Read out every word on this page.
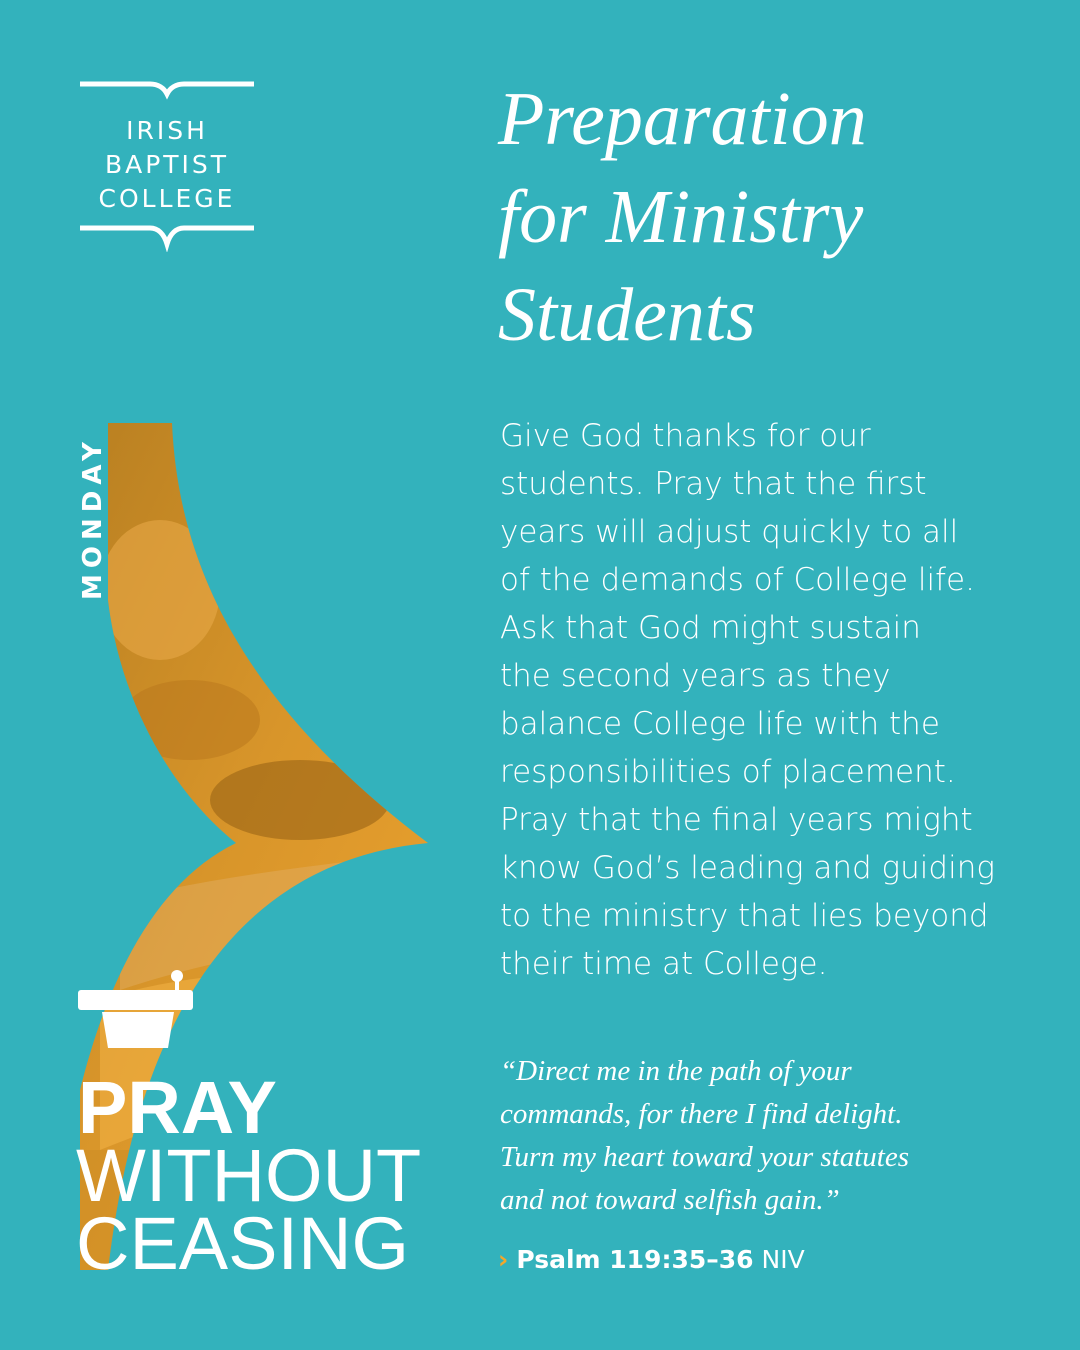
IRISH
BAPTIST
COLLEGE
Preparation
for Ministry
Students
Give God thanks for our
students. Pray that the first
years will adjust quickly to all
of the demands of College life.
Ask that God might sustain
the second years as they
balance College life with the
responsibilities of placement.
Pray that the final years might
know God’s leading and guiding
to the ministry that lies beyond
their time at College.
“Direct me in the path of your
commands, for there I find delight.
Turn my heart toward your statutes
and not toward selfish gain.”
› Psalm 119:35–36 NIV
MONDAY
PRAY
WITHOUT
CEASING
